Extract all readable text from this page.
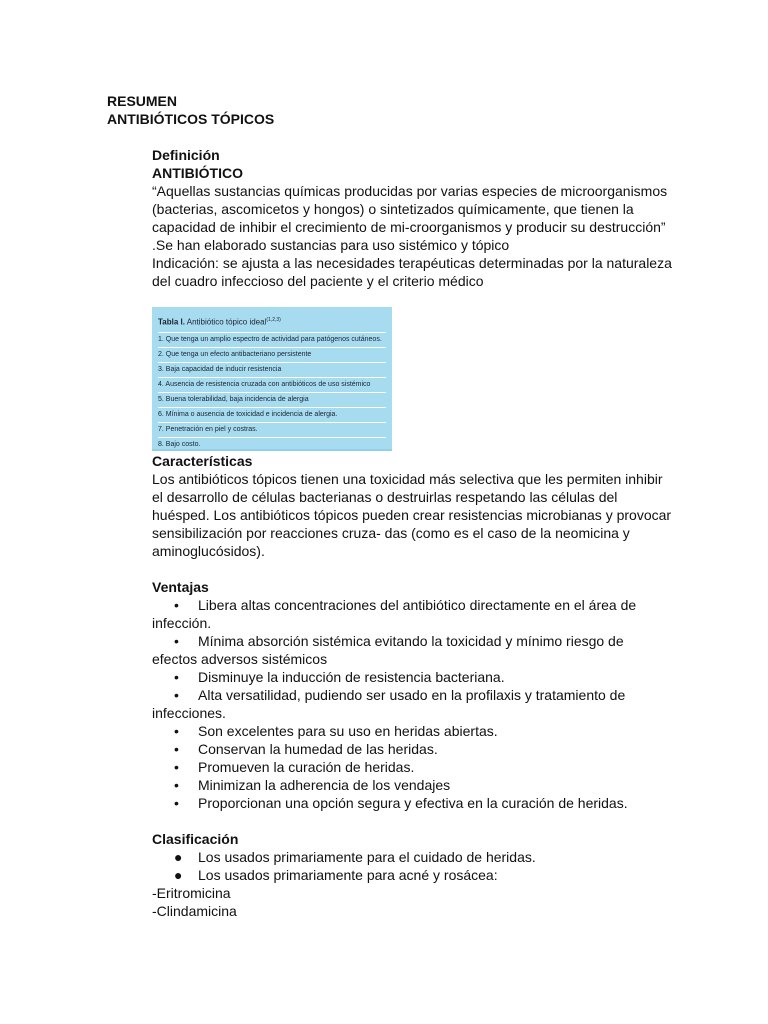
RESUMEN
ANTIBIÓTICOS TÓPICOS
Definición
ANTIBIÓTICO

“Aquellas sustancias químicas producidas por varias especies de microorganismos (bacterias, ascomicetos y hongos) o sintetizados químicamente, que tienen la capacidad de inhibir el crecimiento de mi-croorganismos y producir su destrucción” .Se han elaborado sustancias para uso sistémico y tópico

Indicación: se ajusta a las necesidades terapéuticas determinadas por la naturaleza del cuadro infeccioso del paciente y el criterio médico

Tabla I. Antibiótico tópico ideal$^{(1,2,3)}$
1. Que tenga un amplio espectro de actividad para patógenos cutáneos.
2. Que tenga un efecto antibacteriano persistente
3. Baja capacidad de inducir resistencia
4. Ausencia de resistencia cruzada con antibióticos de uso sistémico
5. Buena tolerabilidad, baja incidencia de alergia
6. Mínima o ausencia de toxicidad e incidencia de alergia.
7. Penetración en piel y costras.
8. Bajo costo.
Características

Los antibióticos tópicos tienen una toxicidad más selectiva que les permiten inhibir el desarrollo de células bacterianas o destruirlas respetando las células del huésped. Los antibióticos tópicos pueden crear resistencias microbianas y provocar sensibilización por reacciones cruza- das (como es el caso de la neomicina y aminoglucósidos).

Ventajas
• Libera altas concentraciones del antibiótico directamente en el área de infección.
• Mínima absorción sistémica evitando la toxicidad y mínimo riesgo de efectos adversos sistémicos
• Disminuye la inducción de resistencia bacteriana.
• Alta versatilidad, pudiendo ser usado en la profilaxis y tratamiento de infecciones.
• Son excelentes para su uso en heridas abiertas.
• Conservan la humedad de las heridas.
• Promueven la curación de heridas.
• Minimizan la adherencia de los vendajes
• Proporcionan una opción segura y efectiva en la curación de heridas.
Clasificación
● Los usados primariamente para el cuidado de heridas.
● Los usados primariamente para acné y rosácea:
-Eritromicina
-Clindamicina
